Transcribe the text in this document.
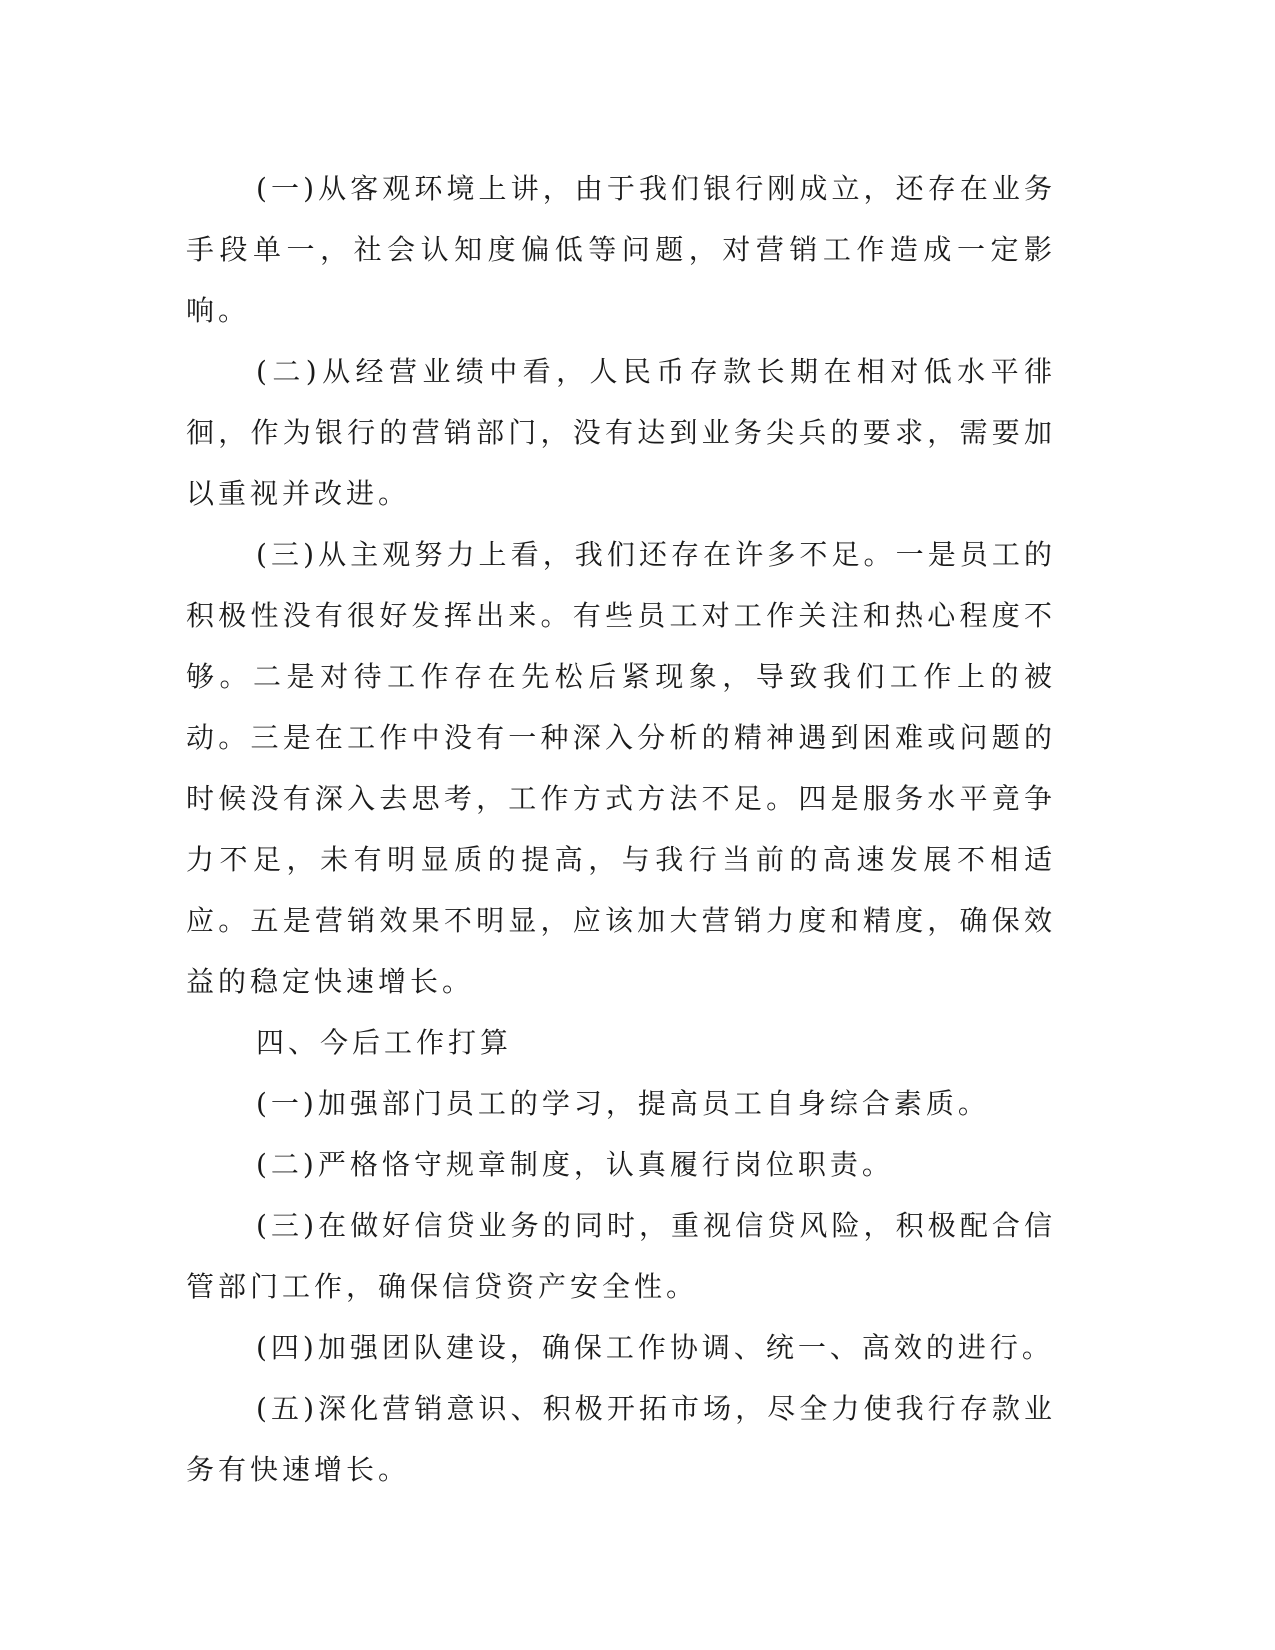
(一)从客观环境上讲，由于我们银行刚成立，还存在业务手段单一，社会认知度偏低等问题，对营销工作造成一定影响。

(二)从经营业绩中看，人民币存款长期在相对低水平徘徊，作为银行的营销部门，没有达到业务尖兵的要求，需要加以重视并改进。

(三)从主观努力上看，我们还存在许多不足。一是员工的积极性没有很好发挥出来。有些员工对工作关注和热心程度不够。二是对待工作存在先松后紧现象，导致我们工作上的被动。三是在工作中没有一种深入分析的精神遇到困难或问题的时候没有深入去思考，工作方式方法不足。四是服务水平竟争力不足，未有明显质的提高，与我行当前的高速发展不相适应。五是营销效果不明显，应该加大营销力度和精度，确保效益的稳定快速增长。

四、今后工作打算

(一)加强部门员工的学习，提高员工自身综合素质。

(二)严格恪守规章制度，认真履行岗位职责。

(三)在做好信贷业务的同时，重视信贷风险，积极配合信管部门工作，确保信贷资产安全性。

(四)加强团队建设，确保工作协调、统一、高效的进行。

(五)深化营销意识、积极开拓市场，尽全力使我行存款业务有快速增长。
